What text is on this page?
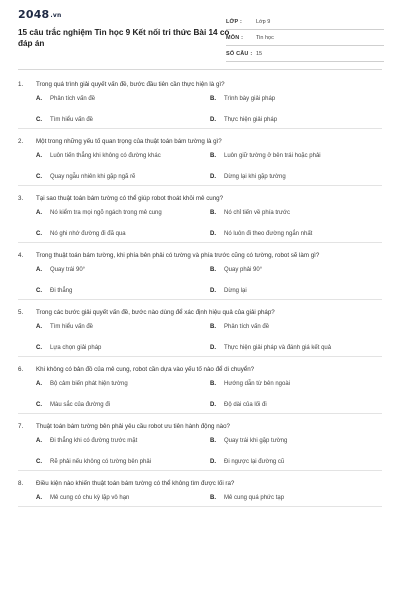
2048.vn
15 câu trắc nghiệm Tin học 9 Kết nối tri thức Bài 14 có đáp án
LỚP :	Lớp 9
MÔN :	Tin học
SỐ CÂU : 15
1.	Trong quá trình giải quyết vấn đề, bước đầu tiên cần thực hiện là gì?
A.	Phân tích vấn đề	B.	Trình bày giải pháp
C.	Tìm hiểu vấn đề	D.	Thực hiện giải pháp
2.	Một trong những yếu tố quan trọng của thuật toán bám tường là gì?
A.	Luôn tiến thẳng khi không có đường khác	B.	Luôn giữ tường ở bên trái hoặc phải
C.	Quay ngẫu nhiên khi gặp ngã rẽ	D.	Dừng lại khi gặp tường
3.	Tại sao thuật toán bám tường có thể giúp robot thoát khỏi mê cung?
A.	Nó kiểm tra mọi ngõ ngách trong mê cung	B.	Nó chỉ tiến về phía trước
C.	Nó ghi nhớ đường đi đã qua	D.	Nó luôn đi theo đường ngắn nhất
4.	Trong thuật toán bám tường, khi phía bên phải có tường và phía trước cũng có tường, robot sẽ làm gì?
A.	Quay trái 90°	B.	Quay phải 90°
C.	Đi thẳng	D.	Dừng lại
5.	Trong các bước giải quyết vấn đề, bước nào dùng để xác định hiệu quả của giải pháp?
A.	Tìm hiểu vấn đề	B.	Phân tích vấn đề
C.	Lựa chọn giải pháp	D.	Thực hiện giải pháp và đánh giá kết quả
6.	Khi không có bản đồ của mê cung, robot cần dựa vào yếu tố nào để di chuyển?
A.	Bộ cảm biến phát hiện tường	B.	Hướng dẫn từ bên ngoài
C.	Màu sắc của đường đi	D.	Độ dài của lối đi
7.	Thuật toán bám tường bên phải yêu cầu robot ưu tiên hành động nào?
A.	Đi thẳng khi có đường trước mặt	B.	Quay trái khi gặp tường
C.	Rẽ phải nếu không có tường bên phải	D.	Đi ngược lại đường cũ
8.	Điều kiện nào khiến thuật toán bám tường có thể không tìm được lối ra?
A.	Mê cung có chu kỳ lặp vô hạn	B.	Mê cung quá phức tạp
